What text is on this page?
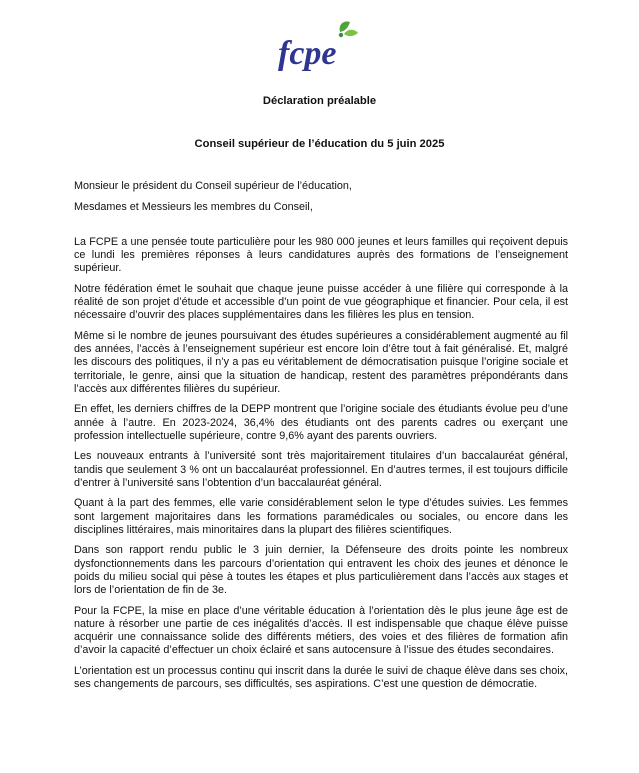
fcpe
Déclaration préalable
Conseil supérieur de l’éducation du 5 juin 2025
Monsieur le président du Conseil supérieur de l’éducation,
Mesdames et Messieurs les membres du Conseil,

La FCPE a une pensée toute particulière pour les 980 000 jeunes et leurs familles qui reçoivent depuis ce lundi les premières réponses à leurs candidatures auprès des formations de l’enseignement supérieur.

Notre fédération émet le souhait que chaque jeune puisse accéder à une filière qui corresponde à la réalité de son projet d’étude et accessible d’un point de vue géographique et financier. Pour cela, il est nécessaire d’ouvrir des places supplémentaires dans les filières les plus en tension.

Même si le nombre de jeunes poursuivant des études supérieures a considérablement augmenté au fil des années, l’accès à l’enseignement supérieur est encore loin d’être tout à fait généralisé. Et, malgré les discours des politiques, il n’y a pas eu véritablement de démocratisation puisque l’origine sociale et territoriale, le genre, ainsi que la situation de handicap, restent des paramètres prépondérants dans l’accès aux différentes filières du supérieur.

En effet, les derniers chiffres de la DEPP montrent que l’origine sociale des étudiants évolue peu d’une année à l’autre. En 2023-2024, 36,4% des étudiants ont des parents cadres ou exerçant une profession intellectuelle supérieure, contre 9,6% ayant des parents ouvriers.

Les nouveaux entrants à l’université sont très majoritairement titulaires d’un baccalauréat général, tandis que seulement 3 % ont un baccalauréat professionnel. En d’autres termes, il est toujours difficile d’entrer à l’université sans l’obtention d’un baccalauréat général.

Quant à la part des femmes, elle varie considérablement selon le type d’études suivies. Les femmes sont largement majoritaires dans les formations paramédicales ou sociales, ou encore dans les disciplines littéraires, mais minoritaires dans la plupart des filières scientifiques.

Dans son rapport rendu public le 3 juin dernier, la Défenseure des droits pointe les nombreux dysfonctionnements dans les parcours d’orientation qui entravent les choix des jeunes et dénonce le poids du milieu social qui pèse à toutes les étapes et plus particulièrement dans l’accès aux stages et lors de l’orientation de fin de 3e.

Pour la FCPE, la mise en place d’une véritable éducation à l’orientation dès le plus jeune âge est de nature à résorber une partie de ces inégalités d’accès. Il est indispensable que chaque élève puisse acquérir une connaissance solide des différents métiers, des voies et des filières de formation afin d’avoir la capacité d’effectuer un choix éclairé et sans autocensure à l’issue des études secondaires.

L’orientation est un processus continu qui inscrit dans la durée le suivi de chaque élève dans ses choix, ses changements de parcours, ses difficultés, ses aspirations. C’est une question de démocratie.
